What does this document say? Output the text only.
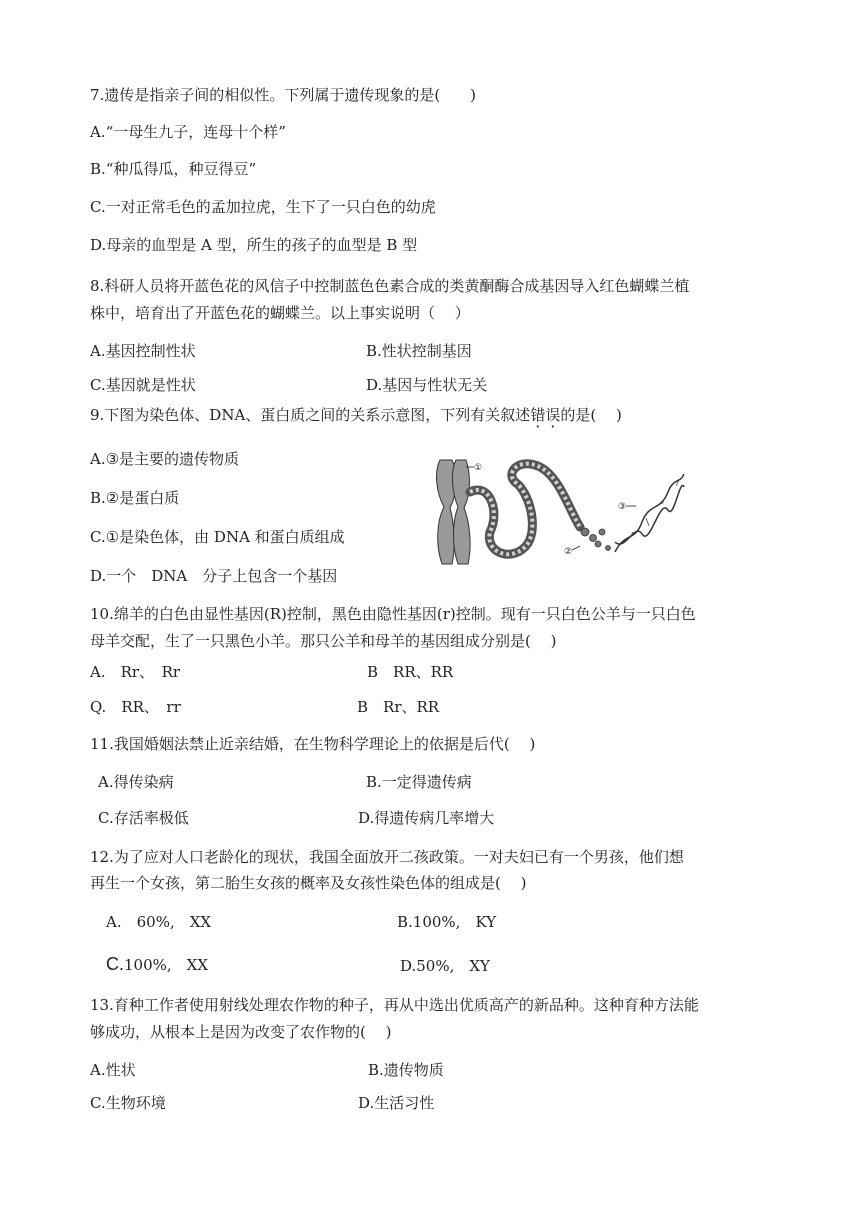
7.遗传是指亲子间的相似性。下列属于遗传现象的是(　　)
A.“一母生九子，连母十个样”
B.“种瓜得瓜，种豆得豆”
C.一对正常毛色的孟加拉虎，生下了一只白色的幼虎
D.母亲的血型是 A 型，所生的孩子的血型是 B 型
8.科研人员将开蓝色花的风信子中控制蓝色色素合成的类黄酮酶合成基因导入红色蝴蝶兰植
株中，培育出了开蓝色花的蝴蝶兰。以上事实说明（　 ）
A.基因控制性状	B.性状控制基因
C.基因就是性状	D.基因与性状无关
9.下图为染色体、DNA、蛋白质之间的关系示意图，下列有关叙述错误的是(　 )
A.③是主要的遗传物质
B.②是蛋白质
C.①是染色体，由 DNA 和蛋白质组成
D.一个　DNA　分子上包含一个基因
①
②
③
10.绵羊的白色由显性基因(R)控制，黑色由隐性基因(r)控制。现有一只白色公羊与一只白色
母羊交配，生了一只黑色小羊。那只公羊和母羊的基因组成分别是(　 )
A.　Rr、　Rr	B　RR、RR
Q.　RR、　rr	B　Rr、RR
11.我国婚姻法禁止近亲结婚，在生物科学理论上的依据是后代(　 )
A.得传染病	B.一定得遗传病
C.存活率极低	D.得遗传病几率增大
12.为了应对人口老龄化的现状，我国全面放开二孩政策。一对夫妇已有一个男孩，他们想
再生一个女孩，第二胎生女孩的概率及女孩性染色体的组成是(　 )
A.　60%,　XX	B.100%,　KY
C.100%,　XX	D.50%,　XY
13.育种工作者使用射线处理农作物的种子，再从中选出优质高产的新品种。这种育种方法能
够成功，从根本上是因为改变了农作物的(　 )
A.性状	B.遗传物质
C.生物环境	D.生活习性
